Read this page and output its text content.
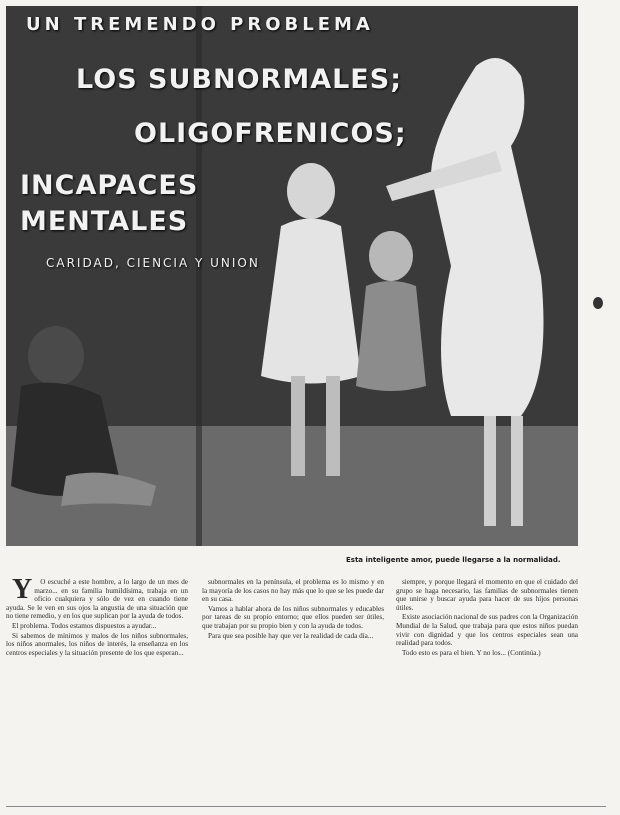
UN TREMENDO PROBLEMA
LOS SUBNORMALES;
OLIGOFRENICOS;
INCAPACES
MENTALES
CARIDAD, CIENCIA Y UNION
Esta inteligente amor, puede llegarse a la normalidad.

Y O escuché a este hombre, a lo largo de un mes de marzo... en su familia humildísima, trabaja en un oficio cualquiera y sólo de vez en cuando tiene ayuda. Se le ven en sus ojos la angustia de una situación que no tiene remedio, y en los que suplican por la ayuda de todos.

El problema. Todos estamos dispuestos a ayudar...

Si sabemos de mínimos y malos de los niños subnormales, los niños anormales, los niños de interés, la enseñanza en los centros especiales y la situación presente de los que esperan...

subnormales en la península, el problema es lo mismo y en la mayoría de los casos no hay más que lo que se les puede dar en su casa.

Vamos a hablar ahora de los niños subnormales y educables por tareas de su propio entorno; que ellos pueden ser útiles, que trabajan por su propio bien y con la ayuda de todos.

Para que sea posible hay que ver la realidad de cada día...

siempre, y porque llegará el momento en que el cuidado del grupo se haga necesario, las familias de subnormales tienen que unirse y buscar ayuda para hacer de sus hijos personas útiles.

Existe asociación nacional de sus padres con la Organización Mundial de la Salud, que trabaja para que estos niños puedan vivir con dignidad y que los centros especiales sean una realidad para todos.

Todo esto es para el bien. Y no los... (Continúa.)
